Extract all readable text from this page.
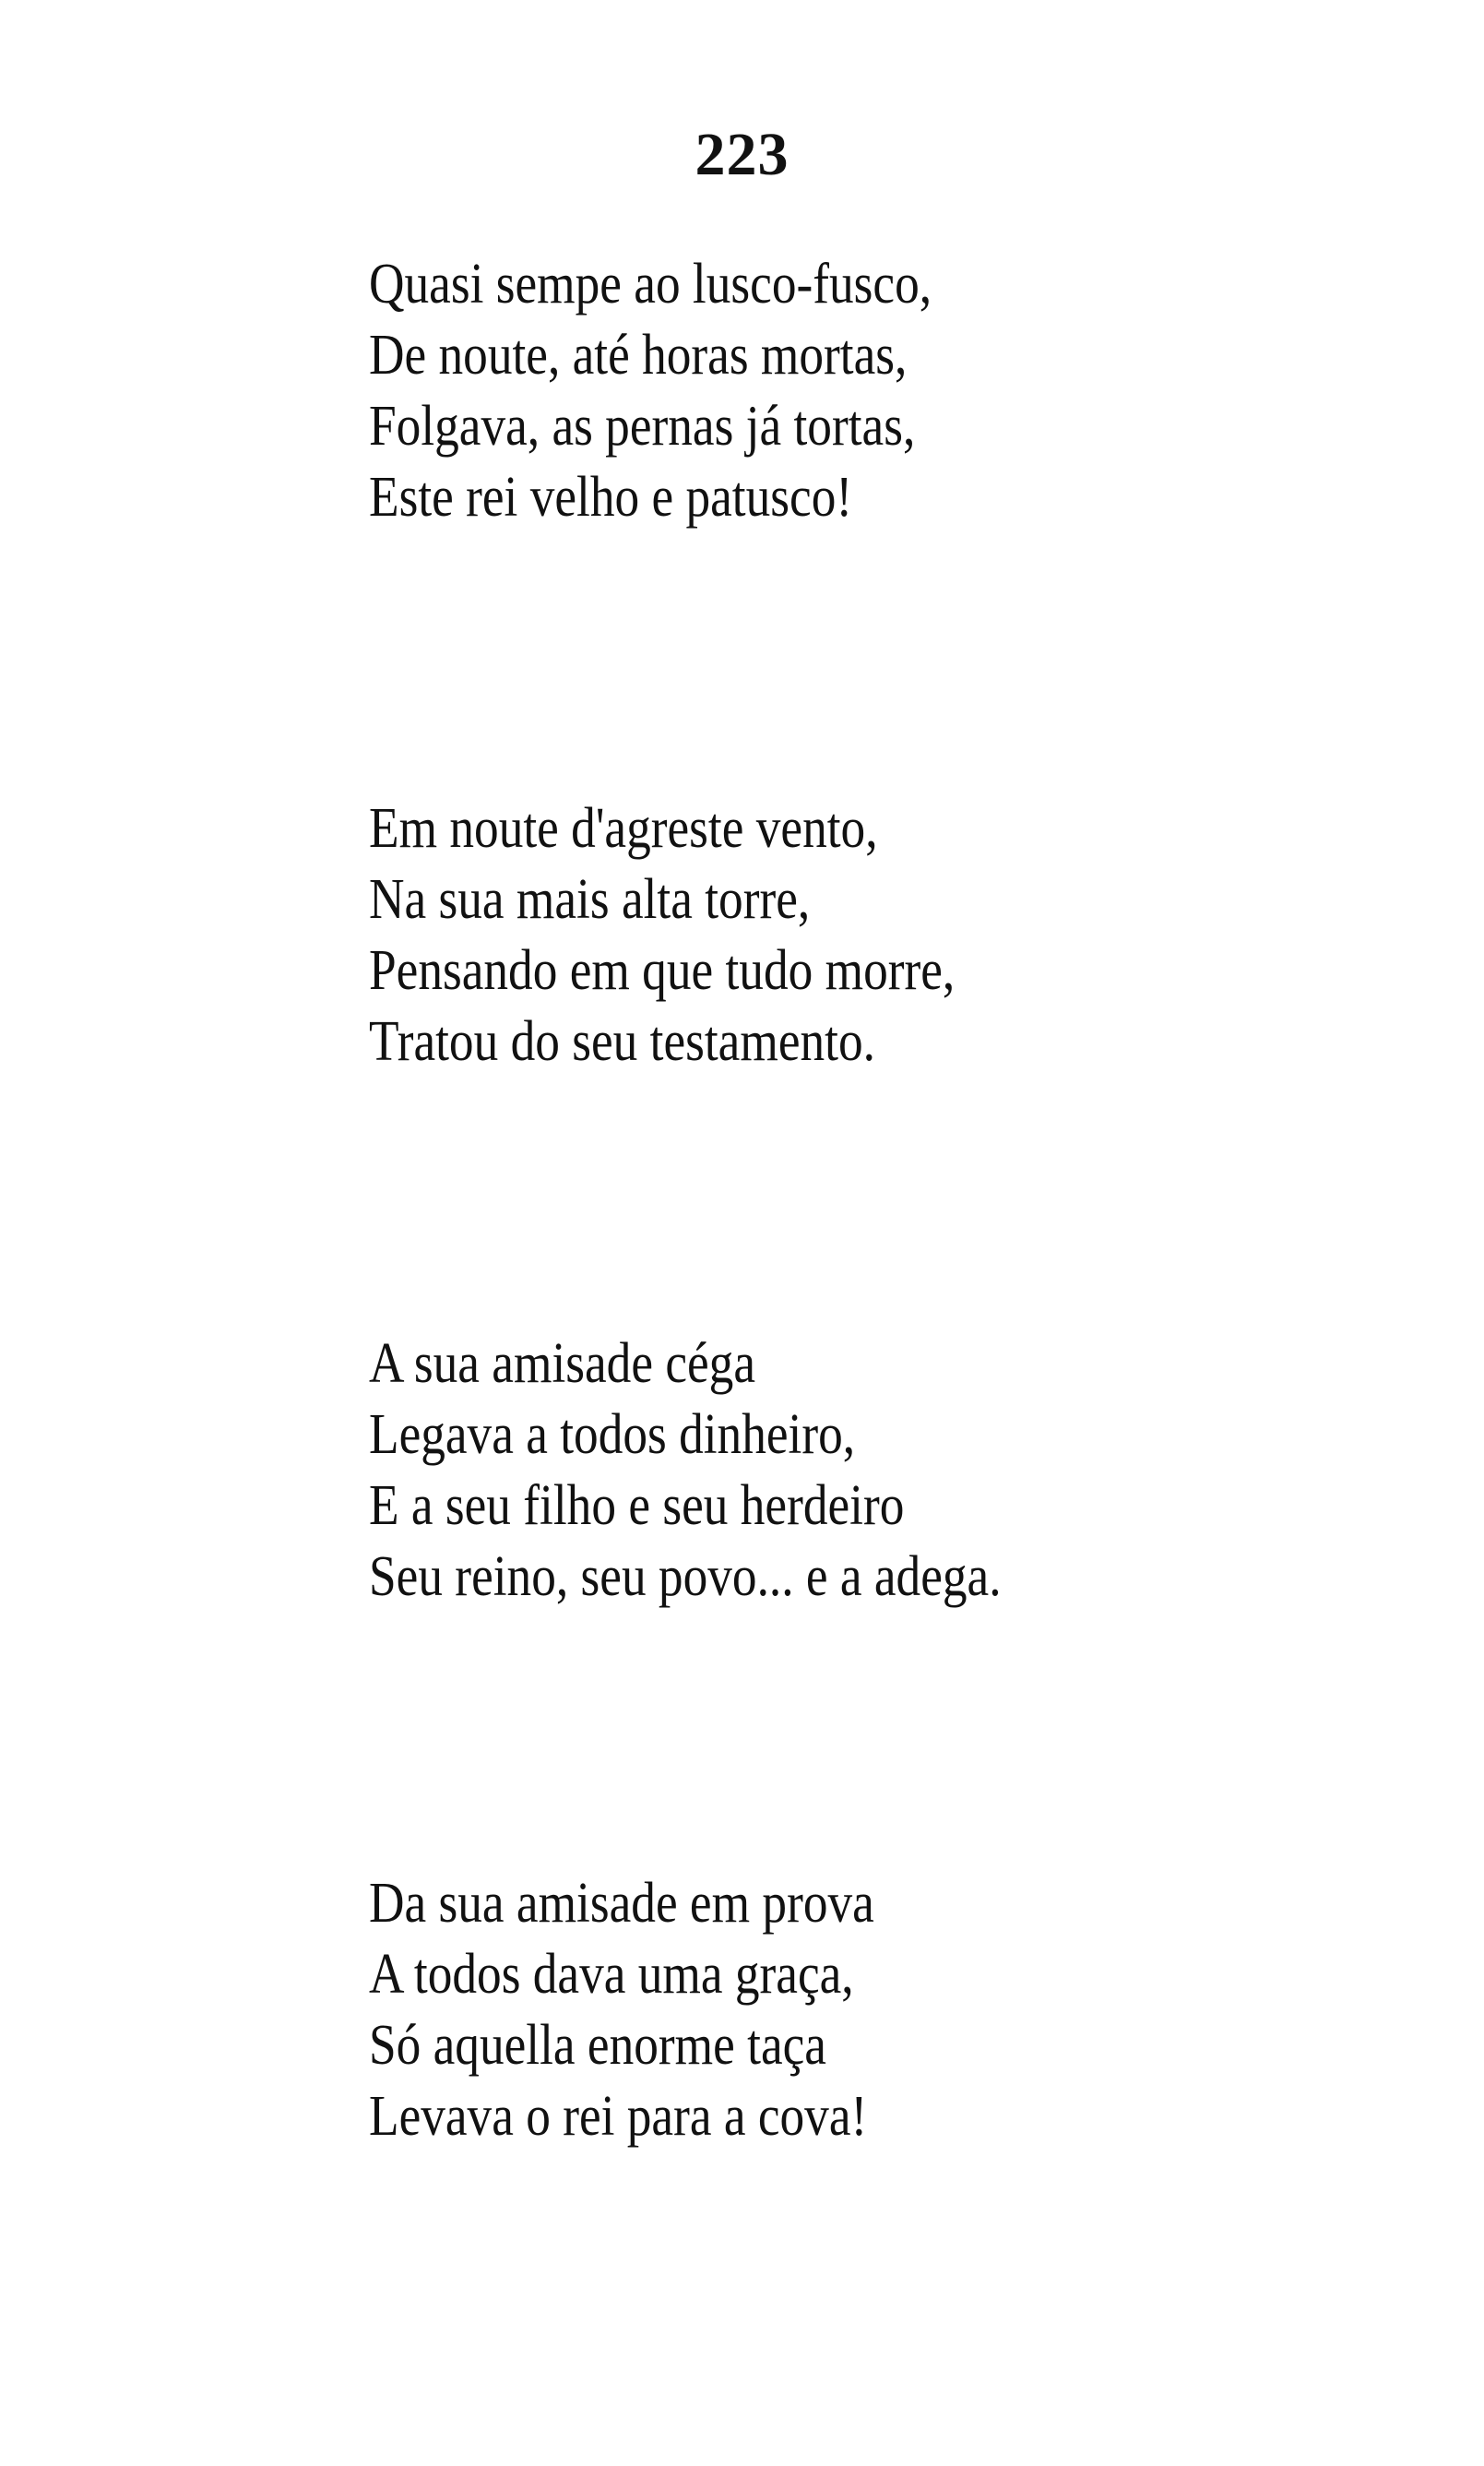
223
Quasi sempe ao lusco-fusco,
De noute, até horas mortas,
Folgava, as pernas já tortas,
Este rei velho e patusco!
Em noute d'agreste vento,
Na sua mais alta torre,
Pensando em que tudo morre,
Tratou do seu testamento.
A sua amisade céga
Legava a todos dinheiro,
E a seu filho e seu herdeiro
Seu reino, seu povo... e a adega.
Da sua amisade em prova
A todos dava uma graça,
Só aquella enorme taça
Levava o rei para a cova!
